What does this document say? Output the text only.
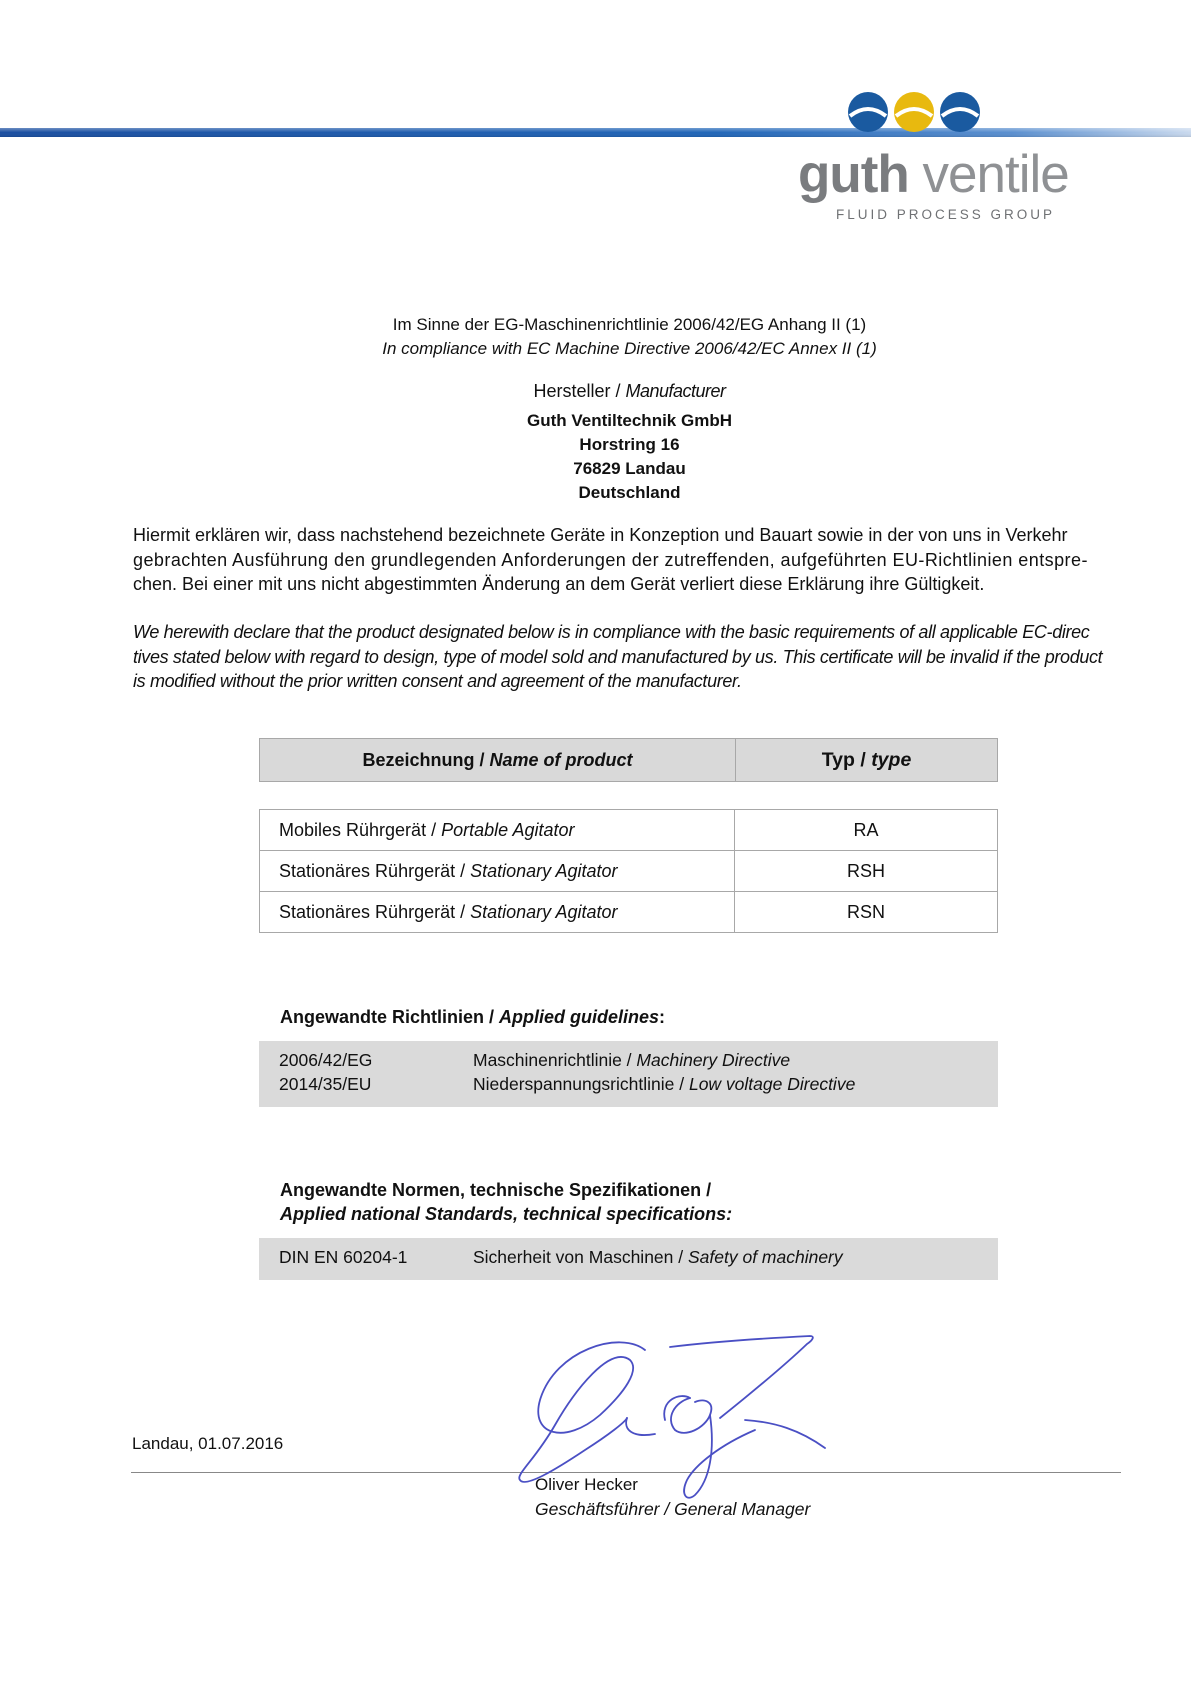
guth ventile
FLUID PROCESS GROUP
Im Sinne der EG-Maschinenrichtlinie 2006/42/EG Anhang II (1)
In compliance with EC Machine Directive 2006/42/EC Annex II (1)
Hersteller / Manufacturer
Guth Ventiltechnik GmbH
Horstring 16
76829 Landau
Deutschland
Hiermit erklären wir, dass nachstehend bezeichnete Geräte in Konzeption und Bauart sowie in der von uns in Verkehr
gebrachten Ausführung den grundlegenden Anforderungen der zutreffenden, aufgeführten EU-Richtlinien entspre-
chen. Bei einer mit uns nicht abgestimmten Änderung an dem Gerät verliert diese Erklärung ihre Gültigkeit.
We herewith declare that the product designated below is in compliance with the basic requirements of all applicable EC-direc
tives stated below with regard to design, type of model sold and manufactured by us. This certificate will be invalid if the product
is modified without the prior written consent and agreement of the manufacturer.
Bezeichnung / Name of product	Typ / type
Mobiles Rührgerät / Portable Agitator	RA
Stationäres Rührgerät / Stationary Agitator	RSH
Stationäres Rührgerät / Stationary Agitator	RSN
Angewandte Richtlinien / Applied guidelines:
2006/42/EG	Maschinenrichtlinie / Machinery Directive
2014/35/EU	Niederspannungsrichtlinie / Low voltage Directive
Angewandte Normen, technische Spezifikationen /
Applied national Standards, technical specifications:
DIN EN 60204-1	Sicherheit von Maschinen / Safety of machinery
Landau, 01.07.2016
Oliver Hecker
Geschäftsführer / General Manager
